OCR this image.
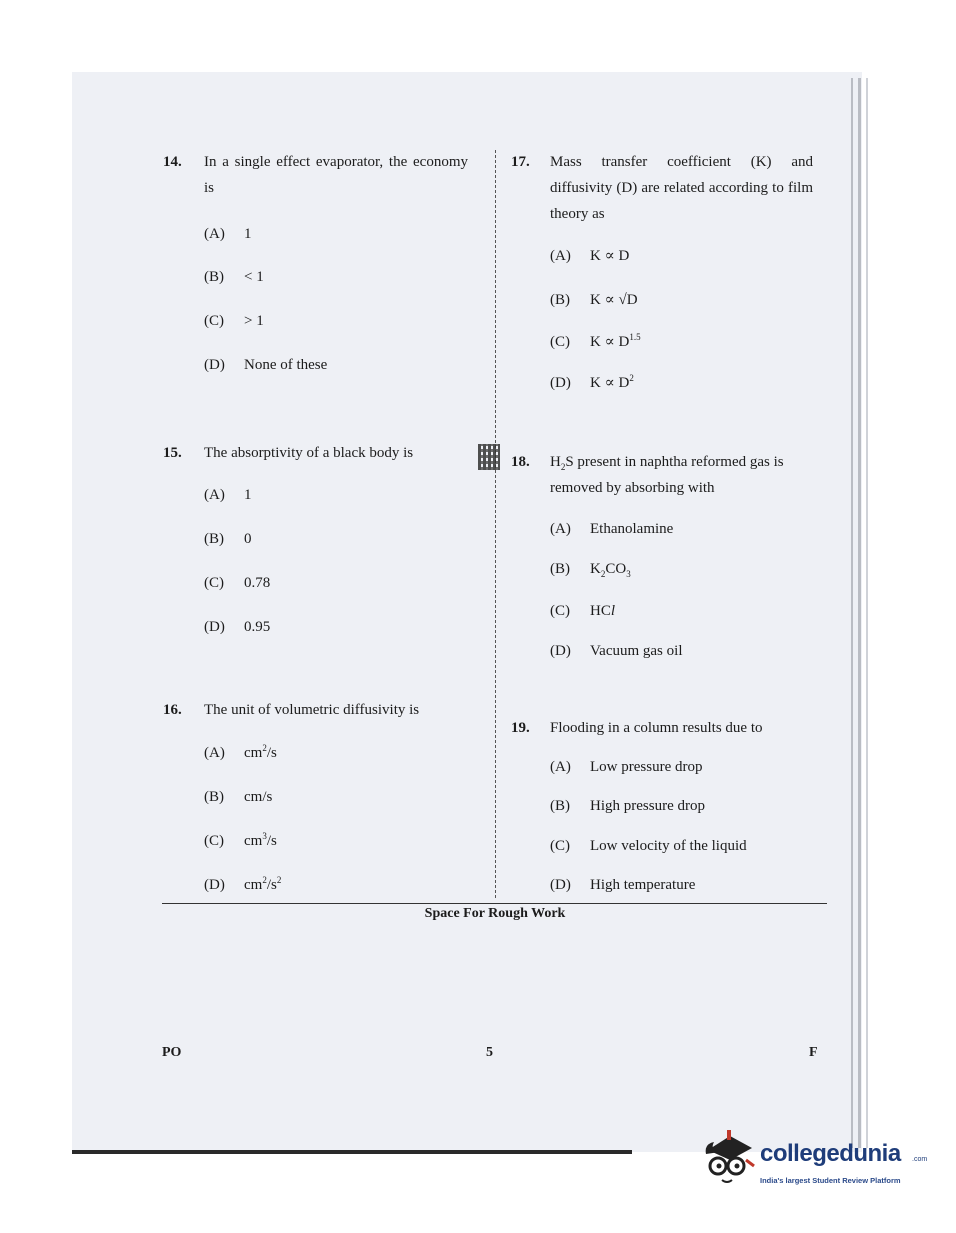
14. In a single effect evaporator, the economy is
(A) 1
(B) < 1
(C) > 1
(D) None of these
15. The absorptivity of a black body is
(A) 1
(B) 0
(C) 0.78
(D) 0.95
16. The unit of volumetric diffusivity is
(A) $cm^2/s$
(B) cm/s
(C) $cm^3/s$
(D) $cm^2/s^2$
17. Mass transfer coefficient (K) and diffusivity (D) are related according to film theory as
(A) K ∝ D
(B) K ∝ √D
(C) $K \propto D^{1.5}$
(D) $K \propto D^2$
18. $H_2S$ present in naphtha reformed gas is removed by absorbing with
(A) Ethanolamine
(B) $K_2CO_3$
(C) HCl
(D) Vacuum gas oil
19. Flooding in a column results due to
(A) Low pressure drop
(B) High pressure drop
(C) Low velocity of the liquid
(D) High temperature
Space For Rough Work
PO	5	F
collegedunia .com
India's largest Student Review Platform
